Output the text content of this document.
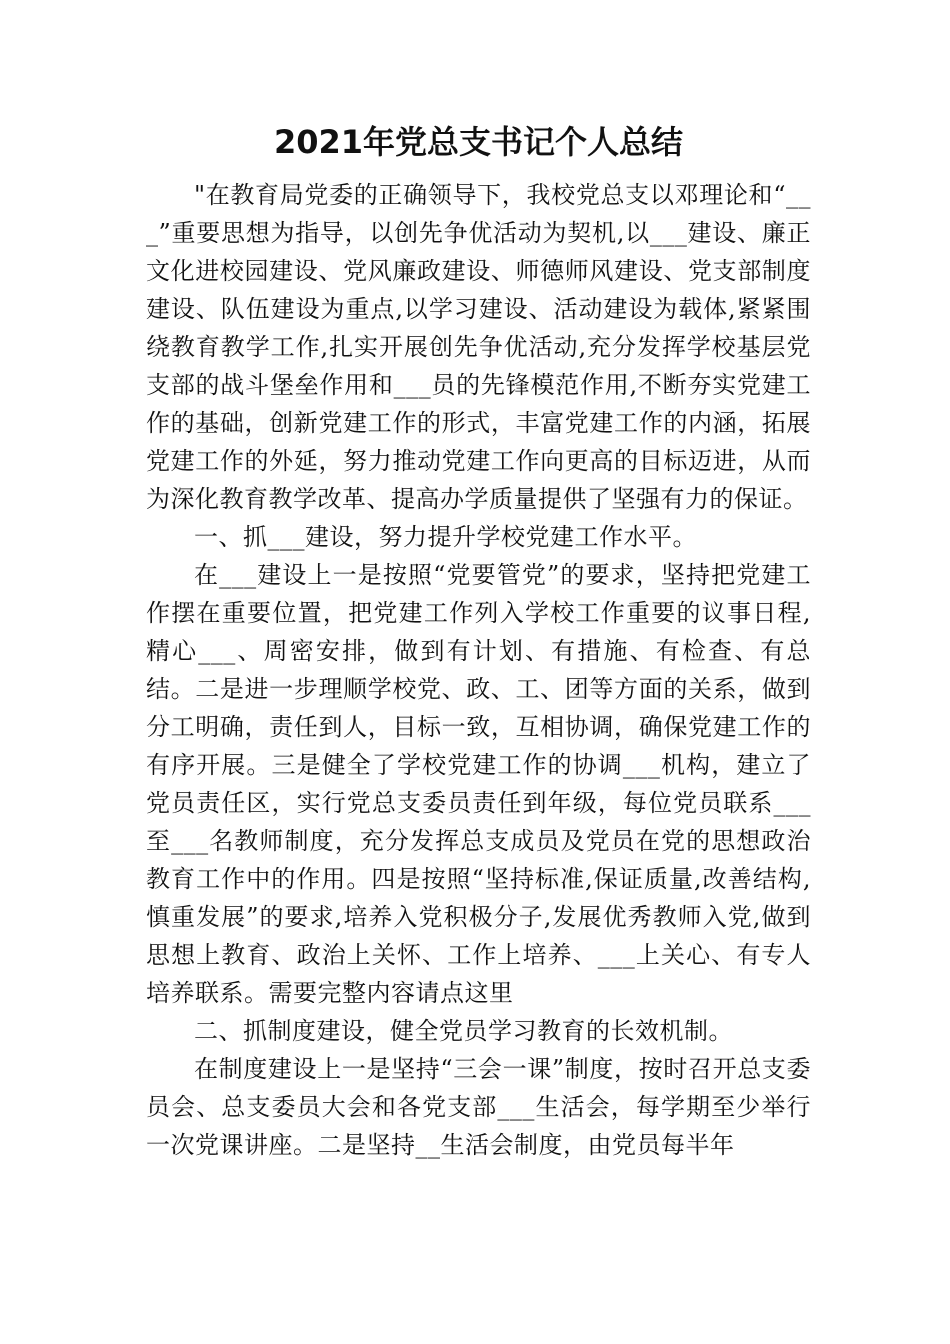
2021年党总支书记个人总结

"在教育局党委的正确领导下，我校党总支以邓理论和“___”重要思想为指导，以创先争优活动为契机,以___建设、廉正文化进校园建设、党风廉政建设、师德师风建设、党支部制度建设、队伍建设为重点,以学习建设、活动建设为载体,紧紧围绕教育教学工作,扎实开展创先争优活动,充分发挥学校基层党支部的战斗堡垒作用和___员的先锋模范作用,不断夯实党建工作的基础，创新党建工作的形式，丰富党建工作的内涵，拓展党建工作的外延，努力推动党建工作向更高的目标迈进，从而为深化教育教学改革、提高办学质量提供了坚强有力的保证。

一、抓___建设，努力提升学校党建工作水平。

在___建设上一是按照“党要管党”的要求，坚持把党建工作摆在重要位置，把党建工作列入学校工作重要的议事日程,精心___、周密安排，做到有计划、有措施、有检查、有总结。二是进一步理顺学校党、政、工、团等方面的关系，做到分工明确，责任到人，目标一致，互相协调，确保党建工作的有序开展。三是健全了学校党建工作的协调___机构，建立了党员责任区，实行党总支委员责任到年级，每位党员联系___至___名教师制度，充分发挥总支成员及党员在党的思想政治教育工作中的作用。四是按照“坚持标准,保证质量,改善结构,慎重发展”的要求,培养入党积极分子,发展优秀教师入党,做到思想上教育、政治上关怀、工作上培养、___上关心、有专人培养联系。需要完整内容请点这里

二、抓制度建设，健全党员学习教育的长效机制。

在制度建设上一是坚持“三会一课”制度，按时召开总支委员会、总支委员大会和各党支部___生活会，每学期至少举行一次党课讲座。二是坚持__生活会制度，由党员每半年
